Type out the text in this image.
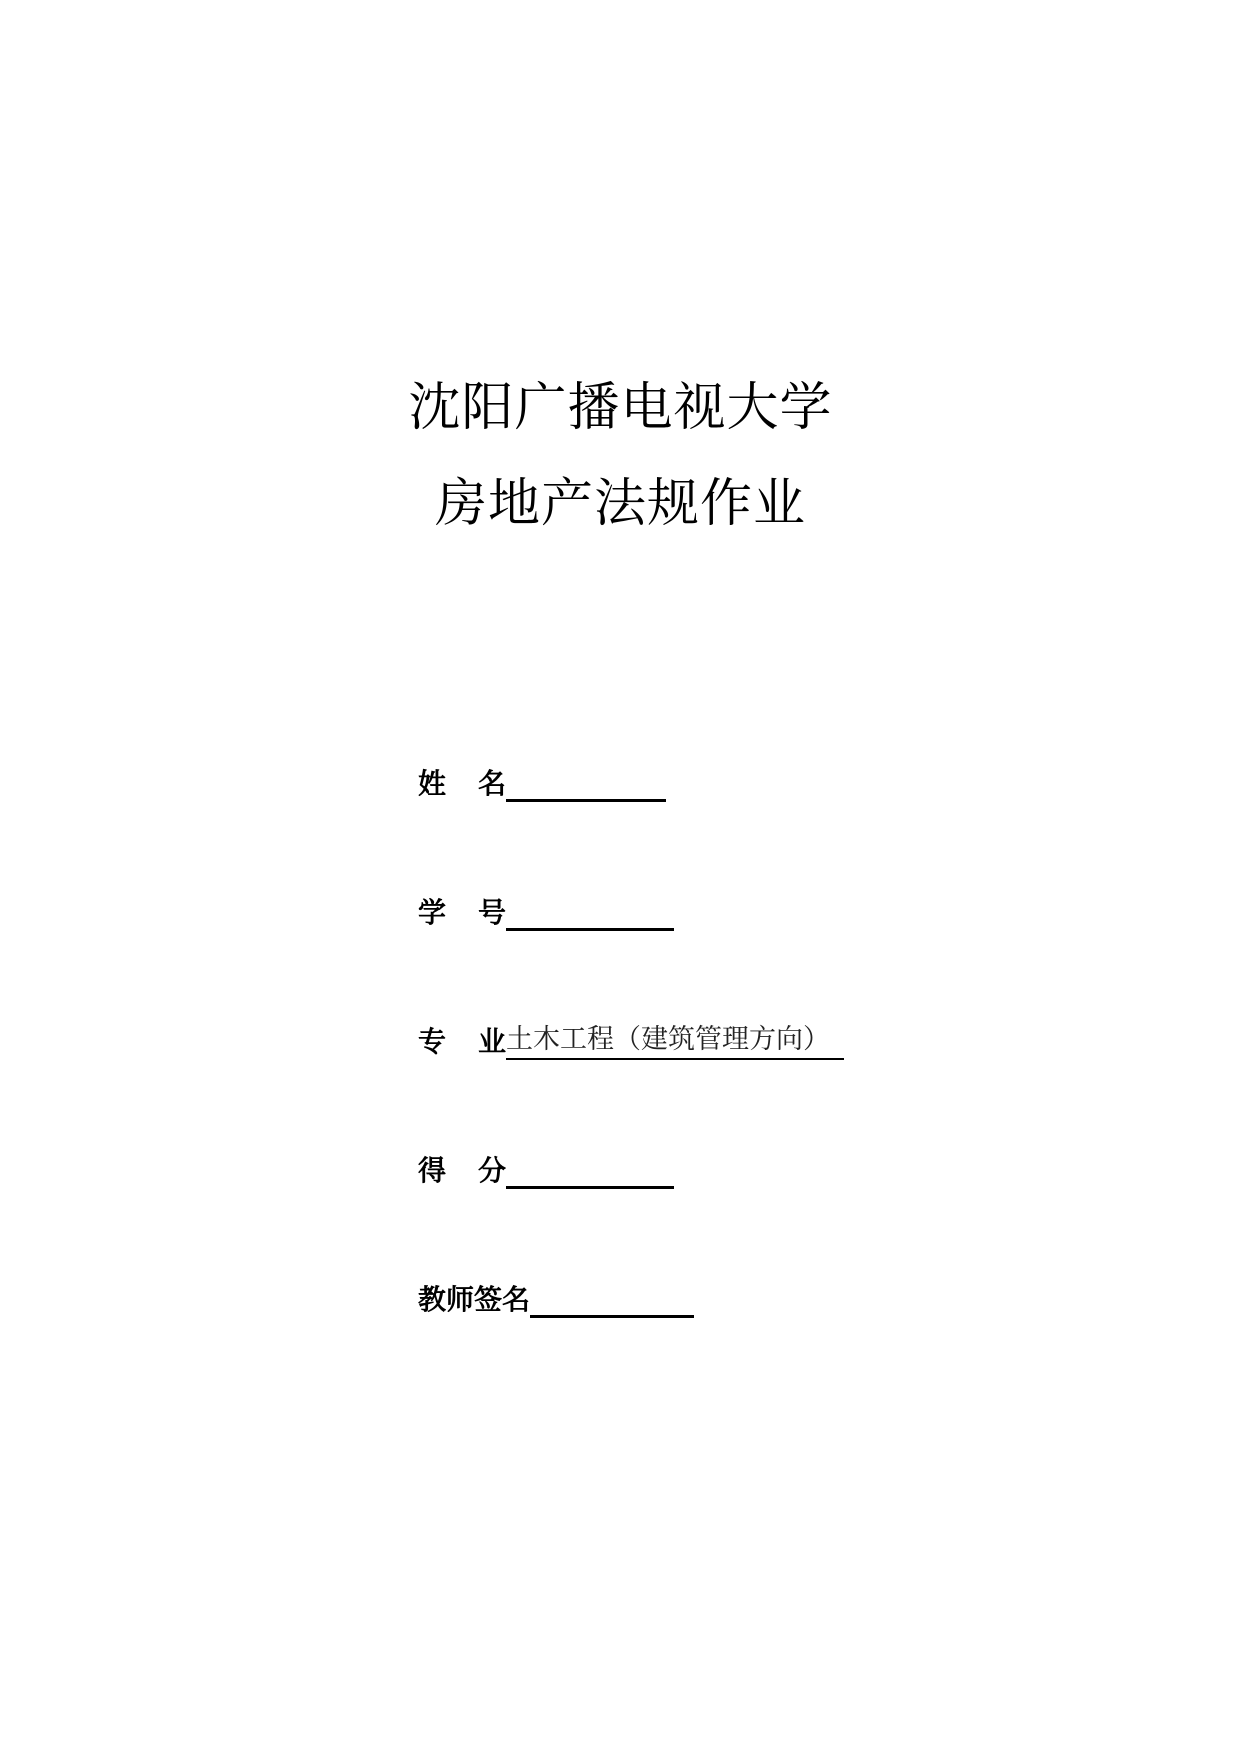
沈阳广播电视大学
房地产法规作业
姓名
学号
专业
土木工程（建筑管理方向）
得分
教师签名
